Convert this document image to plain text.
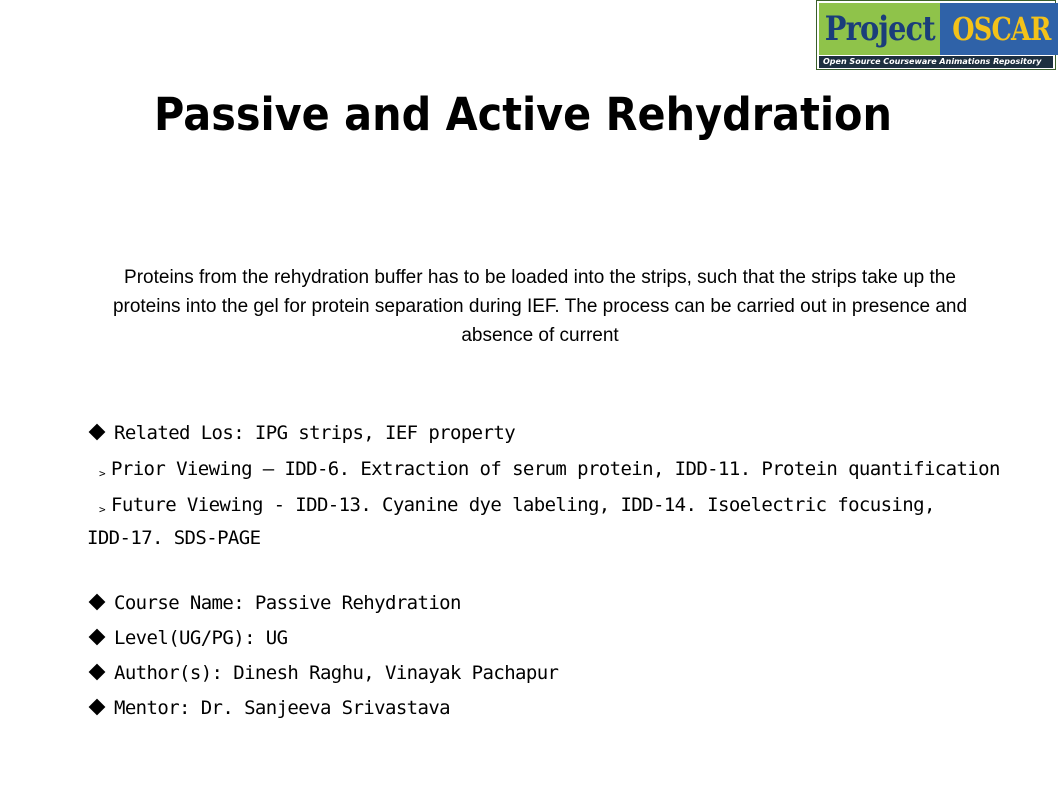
Project OSCAR
Open Source Courseware Animations Repository
Passive and Active Rehydration
Proteins from the rehydration buffer has to be loaded into the strips, such that the strips take up the proteins into the gel for protein separation during IEF. The process can be carried out in presence and absence of current
Related Los: IPG strips, IEF property
> Prior Viewing – IDD-6. Extraction of serum protein, IDD-11. Protein quantification
> Future Viewing - IDD-13. Cyanine dye labeling, IDD-14. Isoelectric focusing, IDD-17. SDS-PAGE
Course Name: Passive Rehydration
Level(UG/PG): UG
Author(s): Dinesh Raghu, Vinayak Pachapur
Mentor: Dr. Sanjeeva Srivastava
